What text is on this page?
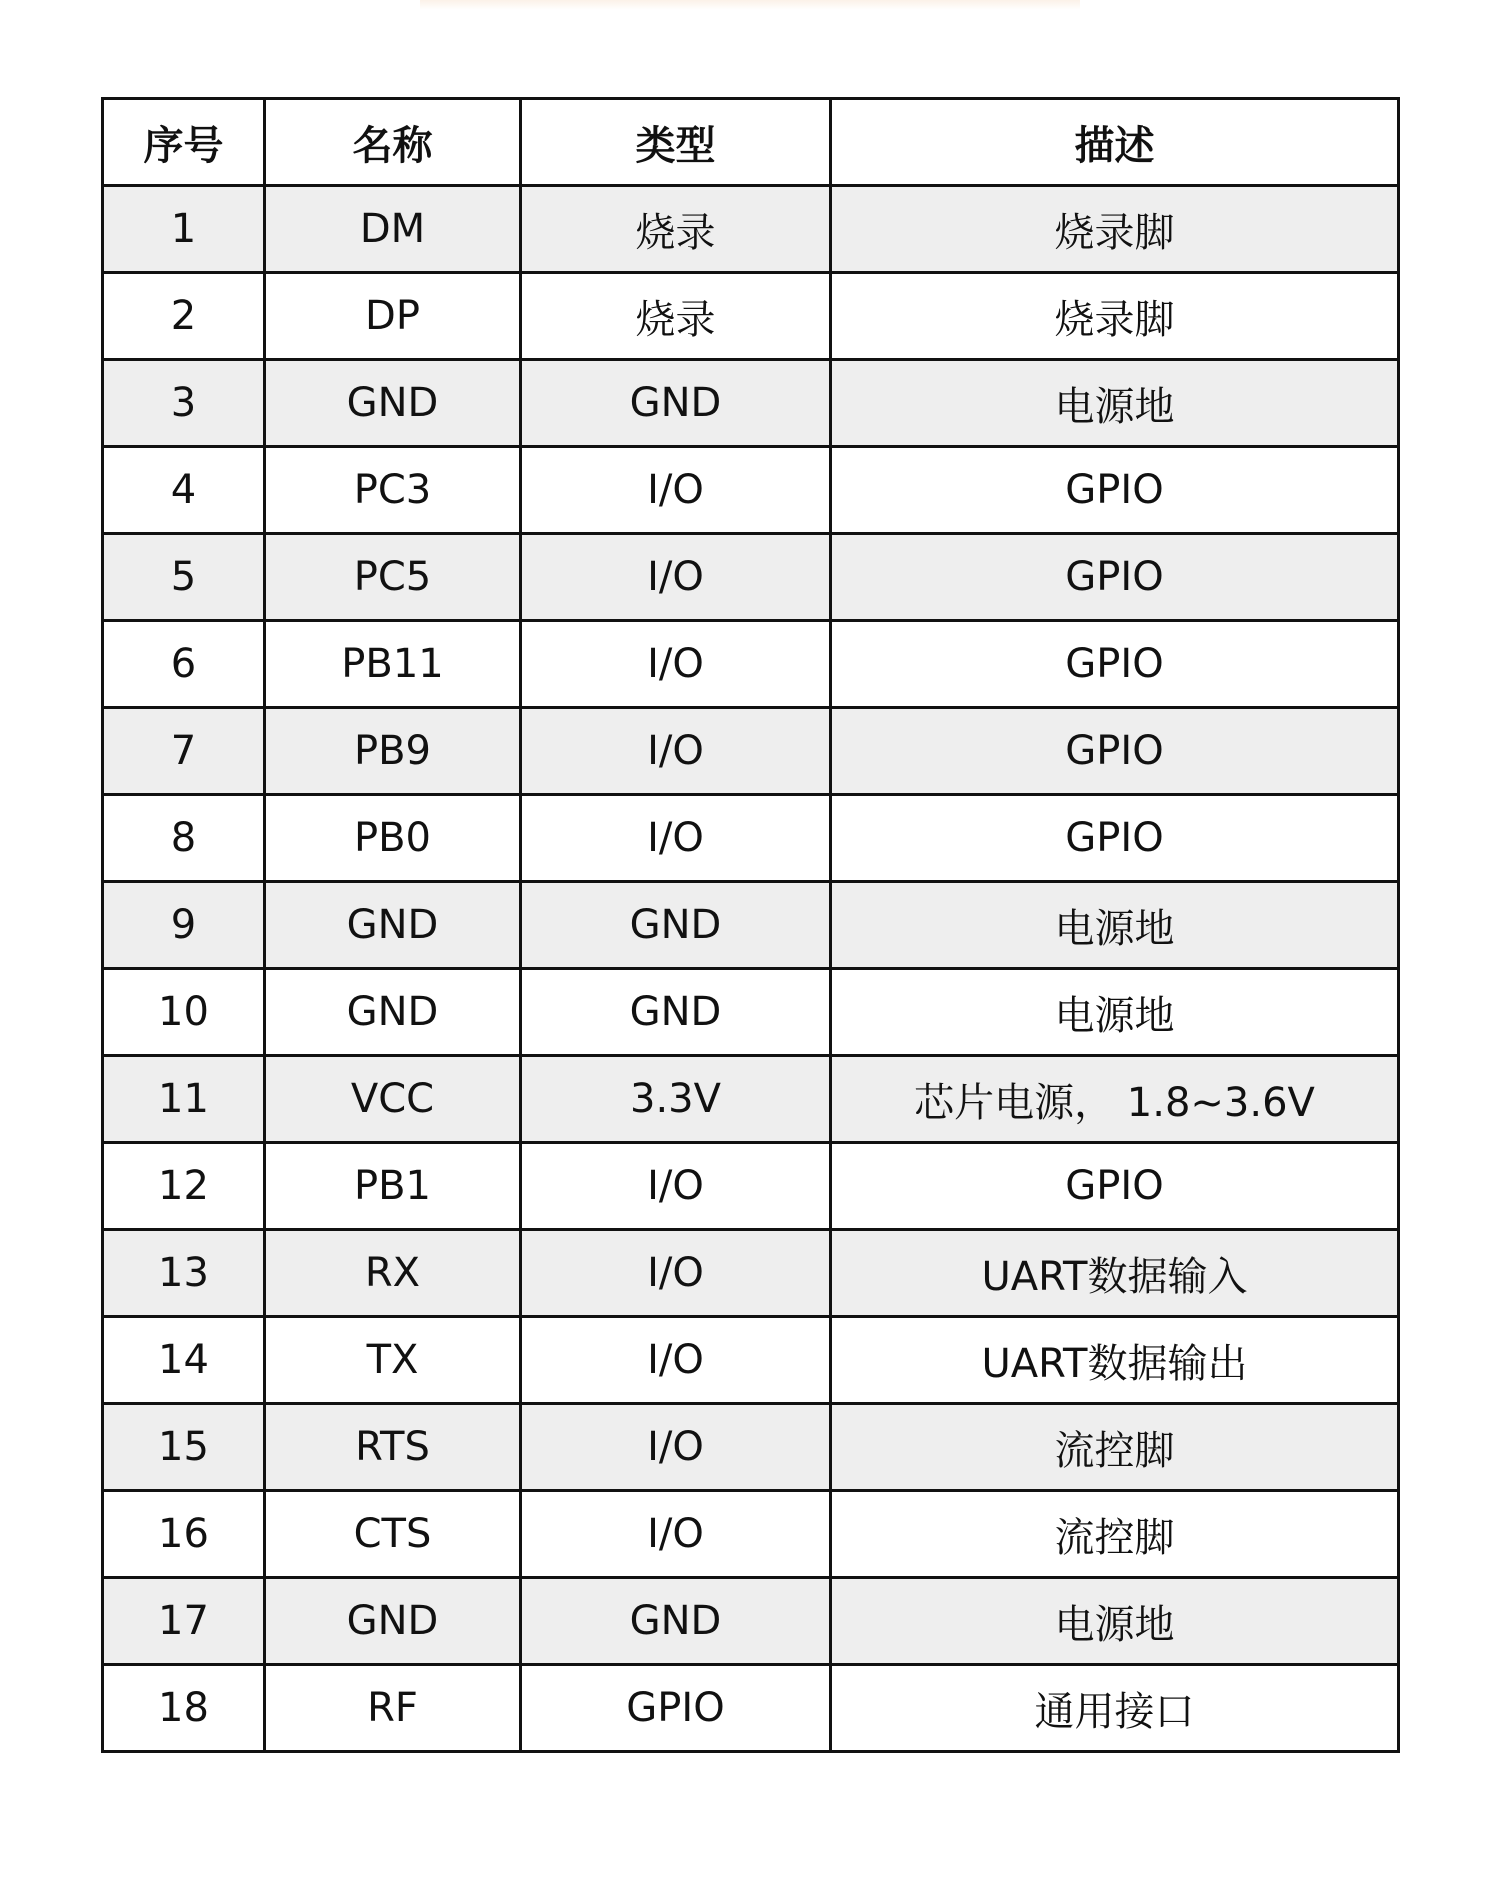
序号	名称	类型	描述
1	DM	烧录	烧录脚
2	DP	烧录	烧录脚
3	GND	GND	电源地
4	PC3	I/O	GPIO
5	PC5	I/O	GPIO
6	PB11	I/O	GPIO
7	PB9	I/O	GPIO
8	PB0	I/O	GPIO
9	GND	GND	电源地
10	GND	GND	电源地
11	VCC	3.3V	芯片电源， 1.8~3.6V
12	PB1	I/O	GPIO
13	RX	I/O	UART数据输入
14	TX	I/O	UART数据输出
15	RTS	I/O	流控脚
16	CTS	I/O	流控脚
17	GND	GND	电源地
18	RF	GPIO	通用接口
